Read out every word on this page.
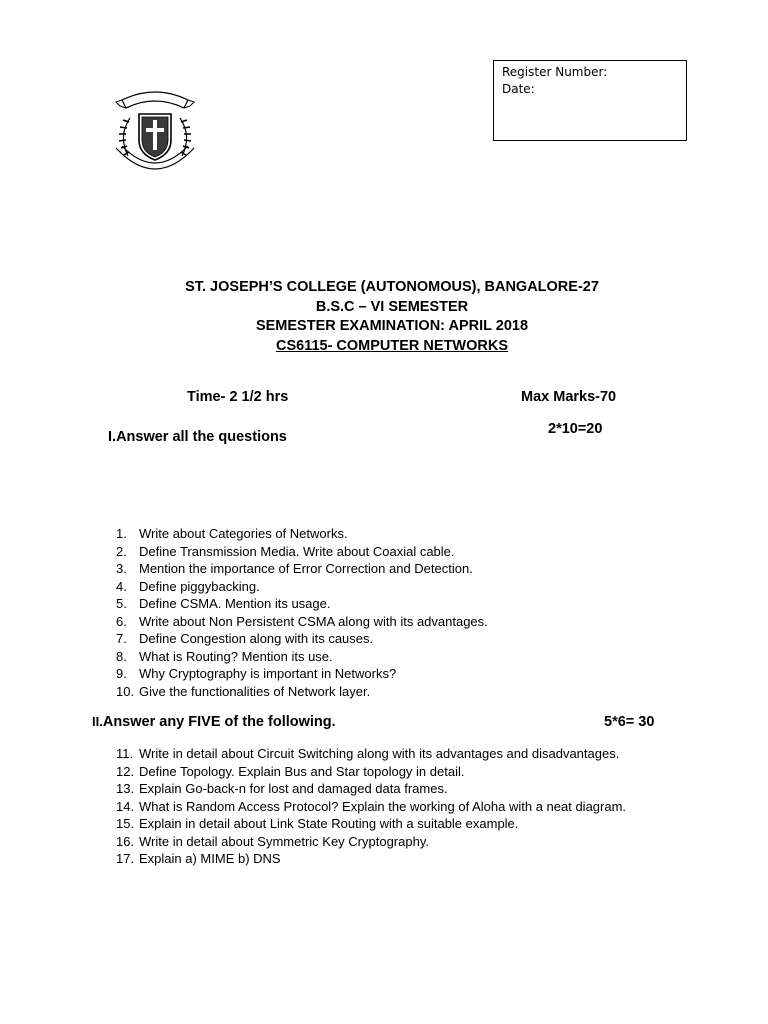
Register Number:
Date:
ST. JOSEPH’S COLLEGE (AUTONOMOUS), BANGALORE-27
B.S.C – VI SEMESTER
SEMESTER EXAMINATION: APRIL 2018
CS6115- COMPUTER NETWORKS
Time- 2 1/2 hrs	Max Marks-70
2*10=20
I.Answer all the questions
1. Write about Categories of Networks.
2. Define Transmission Media. Write about Coaxial cable.
3. Mention the importance of Error Correction and Detection.
4. Define piggybacking.
5. Define CSMA. Mention its usage.
6. Write about Non Persistent CSMA along with its advantages.
7. Define Congestion along with its causes.
8. What is Routing? Mention its use.
9. Why Cryptography is important in Networks?
10. Give the functionalities of Network layer.
II.Answer any FIVE of the following.	5*6= 30
11. Write in detail about Circuit Switching along with its advantages and disadvantages.
12. Define Topology. Explain Bus and Star topology in detail.
13. Explain Go-back-n for lost and damaged data frames.
14. What is Random Access Protocol? Explain the working of Aloha with a neat diagram.
15. Explain in detail about Link State Routing with a suitable example.
16. Write in detail about Symmetric Key Cryptography.
17. Explain a) MIME b) DNS
